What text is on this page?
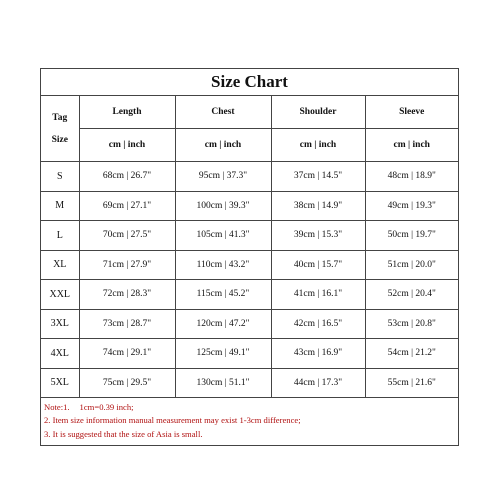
Size Chart
Tag
Size	Length	Chest	Shoulder	Sleeve
	cm | inch	cm | inch	cm | inch	cm | inch
S	68cm | 26.7"	95cm | 37.3"	37cm | 14.5"	48cm | 18.9"
M	69cm | 27.1"	100cm | 39.3"	38cm | 14.9"	49cm | 19.3"
L	70cm | 27.5"	105cm | 41.3"	39cm | 15.3"	50cm | 19.7"
XL	71cm | 27.9"	110cm | 43.2"	40cm | 15.7"	51cm | 20.0"
XXL	72cm | 28.3"	115cm | 45.2"	41cm | 16.1"	52cm | 20.4"
3XL	73cm | 28.7"	120cm | 47.2"	42cm | 16.5"	53cm | 20.8"
4XL	74cm | 29.1"	125cm | 49.1"	43cm | 16.9"	54cm | 21.2"
5XL	75cm | 29.5"	130cm | 51.1"	44cm | 17.3"	55cm | 21.6"
Note:1. 1cm=0.39 inch;
2. Item size information manual measurement may exist 1-3cm difference;
3. It is suggested that the size of Asia is small.
